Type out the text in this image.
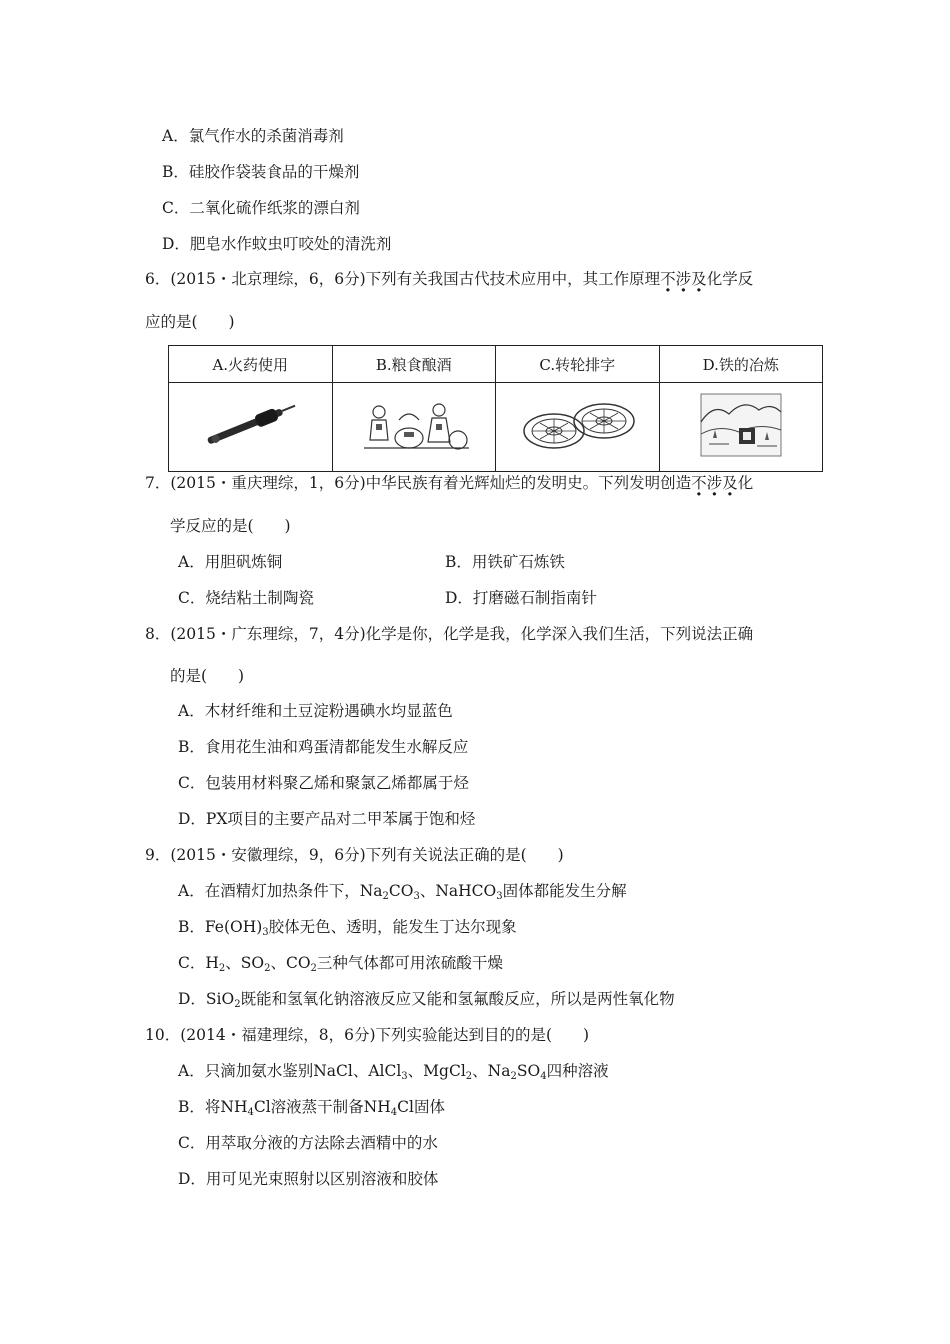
A．氯气作水的杀菌消毒剂
B．硅胶作袋装食品的干燥剂
C．二氧化硫作纸浆的漂白剂
D．肥皂水作蚊虫叮咬处的清洗剂
6．(2015・北京理综，6，6分)下列有关我国古代技术应用中，其工作原理不涉及化学反
应的是(　　)
A.火药使用	B.粮食酿酒	C.转轮排字	D.铁的冶炼

7．(2015・重庆理综，1，6分)中华民族有着光辉灿烂的发明史。下列发明创造不涉及化
学反应的是(　　)
A．用胆矾炼铜	B．用铁矿石炼铁
C．烧结粘土制陶瓷	D．打磨磁石制指南针
8．(2015・广东理综，7，4分)化学是你，化学是我，化学深入我们生活，下列说法正确
的是(　　)
A．木材纤维和土豆淀粉遇碘水均显蓝色
B．食用花生油和鸡蛋清都能发生水解反应
C．包装用材料聚乙烯和聚氯乙烯都属于烃
D．PX项目的主要产品对二甲苯属于饱和烃
9．(2015・安徽理综，9，6分)下列有关说法正确的是(　　)
A．在酒精灯加热条件下，$Na_2CO_3$、NaHCO$_3$固体都能发生分解
B．$Fe(OH)_3$胶体无色、透明，能发生丁达尔现象
C．$H_2$、$SO_2$、$CO_2$三种气体都可用浓硫酸干燥
D．SiO$_2$既能和氢氧化钠溶液反应又能和氢氟酸反应，所以是两性氧化物
10．(2014・福建理综，8，6分)下列实验能达到目的的是(　　)
A．只滴加氨水鉴别NaCl、AlCl$_3$、MgCl$_2$、$Na_2SO_4$四种溶液
B．将$NH_4Cl$溶液蒸干制备$NH_4Cl$固体
C．用萃取分液的方法除去酒精中的水
D．用可见光束照射以区别溶液和胶体
